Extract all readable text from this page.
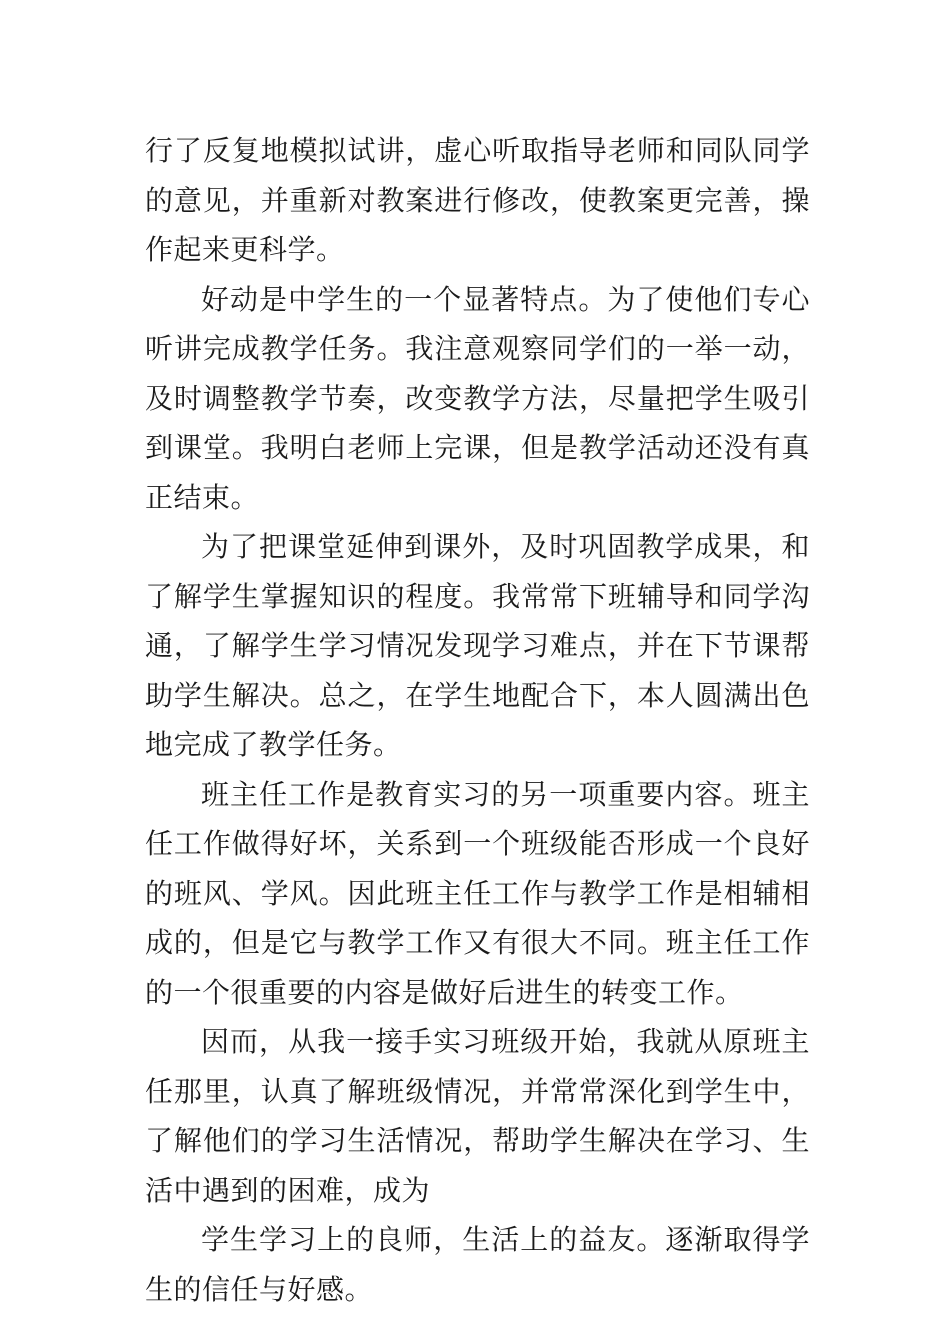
行了反复地模拟试讲，虚心听取指导老师和同队同学的意见，并重新对教案进行修改，使教案更完善，操作起来更科学。

好动是中学生的一个显著特点。为了使他们专心听讲完成教学任务。我注意观察同学们的一举一动，及时调整教学节奏，改变教学方法，尽量把学生吸引到课堂。我明白老师上完课，但是教学活动还没有真正结束。

为了把课堂延伸到课外，及时巩固教学成果，和了解学生掌握知识的程度。我常常下班辅导和同学沟通，了解学生学习情况发现学习难点，并在下节课帮助学生解决。总之，在学生地配合下，本人圆满出色地完成了教学任务。

班主任工作是教育实习的另一项重要内容。班主任工作做得好坏，关系到一个班级能否形成一个良好的班风、学风。因此班主任工作与教学工作是相辅相成的，但是它与教学工作又有很大不同。班主任工作的一个很重要的内容是做好后进生的转变工作。

因而，从我一接手实习班级开始，我就从原班主任那里，认真了解班级情况，并常常深化到学生中，了解他们的学习生活情况，帮助学生解决在学习、生活中遇到的困难，成为

学生学习上的良师，生活上的益友。逐渐取得学生的信任与好感。
